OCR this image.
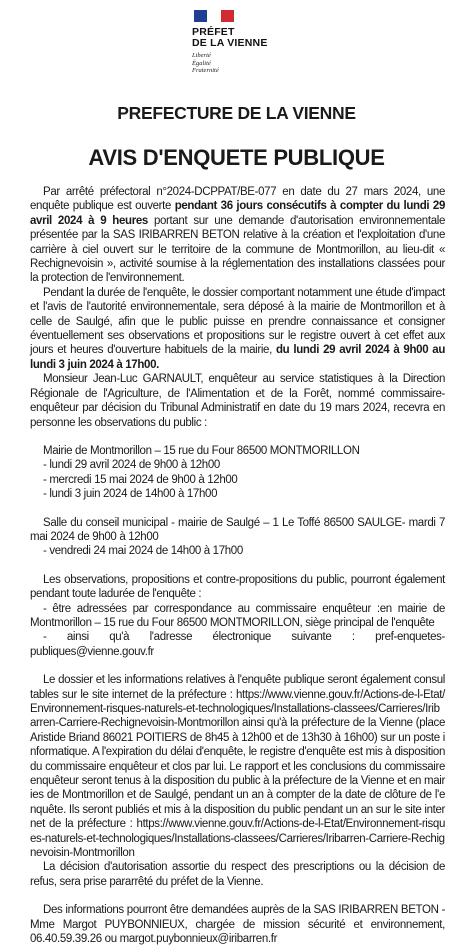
PRÉFET
DE LA VIENNE
Liberté
Égalité
Fraternité
PREFECTURE DE LA VIENNE
AVIS D'ENQUETE PUBLIQUE

Par arrêté préfectoral n°2024-DCPPAT/BE-077 en date du 27 mars 2024, une enquête publique est ouverte pendant 36 jours consécutifs à compter du lundi 29 avril 2024 à 9 heures portant sur une demande d'autorisation environnementale présentée par la SAS IRIBARREN BETON relative à la création et l'exploitation d'une carrière à ciel ouvert sur le territoire de la commune de Montmorillon, au lieu-dit « Rechignevoisin », activité soumise à la réglementation des installations classées pour la protection de l'environnement.

Pendant la durée de l'enquête, le dossier comportant notamment une étude d'impact et l'avis de l'autorité environnementale, sera déposé à la mairie de Montmorillon et à celle de Saulgé, afin que le public puisse en prendre connaissance et consigner éventuellement ses observations et propositions sur le registre ouvert à cet effet aux jours et heures d'ouverture habituels de la mairie, du lundi 29 avril 2024 à 9h00 au lundi 3 juin 2024 à 17h00.

Monsieur Jean-Luc GARNAULT, enquêteur au service statistiques à la Direction Régionale de l'Agriculture, de l'Alimentation et de la Forêt, nommé commissaire-enquêteur par décision du Tribunal Administratif en date du 19 mars 2024, recevra en personne les observations du public :

Mairie de Montmorillon – 15 rue du Four 86500 MONTMORILLON

- lundi 29 avril 2024 de 9h00 à 12h00

- mercredi 15 mai 2024 de 9h00 à 12h00

- lundi 3 juin 2024 de 14h00 à 17h00

Salle du conseil municipal - mairie de Saulgé – 1 Le Toffé 86500 SAULGE- mardi 7 mai 2024 de 9h00 à 12h00

- vendredi 24 mai 2024 de 14h00 à 17h00

Les observations, propositions et contre-propositions du public, pourront également pendant toute ladurée de l'enquête :

- être adressées par correspondance au commissaire enquêteur :en mairie de Montmorillon – 15 rue du Four 86500 MONTMORILLON, siège principal de l'enquête

- ainsi qu'à l'adresse électronique suivante : pref-enquetes-publiques@vienne.gouv.fr

Le dossier et les informations relatives à l'enquête publique seront également consultables sur le site internet de la préfecture : https://www.vienne.gouv.fr/Actions-de-l-Etat/Environnement-risques-naturels-et-technologiques/Installations-classees/Carrieres/Iribarren-Carriere-Rechignevoisin-Montmorillon ainsi qu'à la préfecture de la Vienne (place Aristide Briand 86021 POITIERS de 8h45 à 12h00 et de 13h30 à 16h00) sur un poste informatique. A l'expiration du délai d'enquête, le registre d'enquête est mis à disposition du commissaire enquêteur et clos par lui. Le rapport et les conclusions du commissaire enquêteur seront tenus à la disposition du public à la préfecture de la Vienne et en mairies de Montmorillon et de Saulgé, pendant un an à compter de la date de clôture de l'enquête. Ils seront publiés et mis à la disposition du public pendant un an sur le site internet de la préfecture : https://www.vienne.gouv.fr/Actions-de-l-Etat/Environnement-risques-naturels-et-technologiques/Installations-classees/Carrieres/Iribarren-Carriere-Rechignevoisin-Montmorillon

La décision d'autorisation assortie du respect des prescriptions ou la décision de refus, sera prise pararrêté du préfet de la Vienne.

Des informations pourront être demandées auprès de la SAS IRIBARREN BETON - Mme Margot PUYBONNIEUX, chargée de mission sécurité et environnement, 06.40.59.39.26 ou margot.puybonnieux@iribarren.fr
